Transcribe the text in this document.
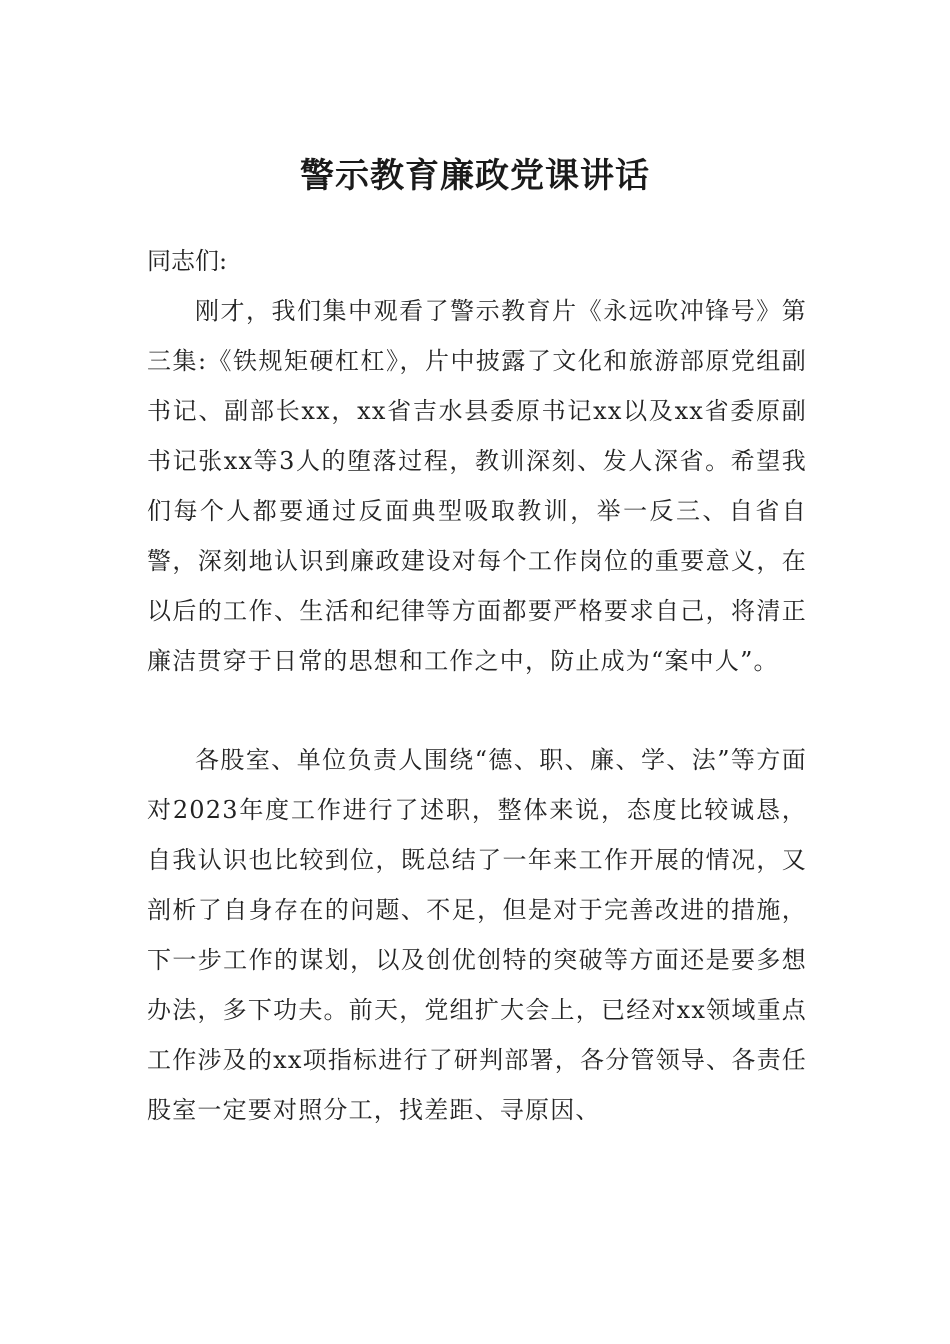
警示教育廉政党课讲话
同志们:

刚才，我们集中观看了警示教育片《永远吹冲锋号》第三集:《铁规矩硬杠杠》，片中披露了文化和旅游部原党组副书记、副部长xx，xx省吉水县委原书记xx以及xx省委原副书记张xx等3人的堕落过程，教训深刻、发人深省。希望我们每个人都要通过反面典型吸取教训，举一反三、自省自警，深刻地认识到廉政建设对每个工作岗位的重要意义，在以后的工作、生活和纪律等方面都要严格要求自己，将清正廉洁贯穿于日常的思想和工作之中，防止成为“案中人”。

各股室、单位负责人围绕“德、职、廉、学、法”等方面对2023年度工作进行了述职，整体来说，态度比较诚恳，自我认识也比较到位，既总结了一年来工作开展的情况，又剖析了自身存在的问题、不足，但是对于完善改进的措施，下一步工作的谋划，以及创优创特的突破等方面还是要多想办法，多下功夫。前天，党组扩大会上，已经对xx领域重点工作涉及的xx项指标进行了研判部署，各分管领导、各责任股室一定要对照分工，找差距、寻原因、
